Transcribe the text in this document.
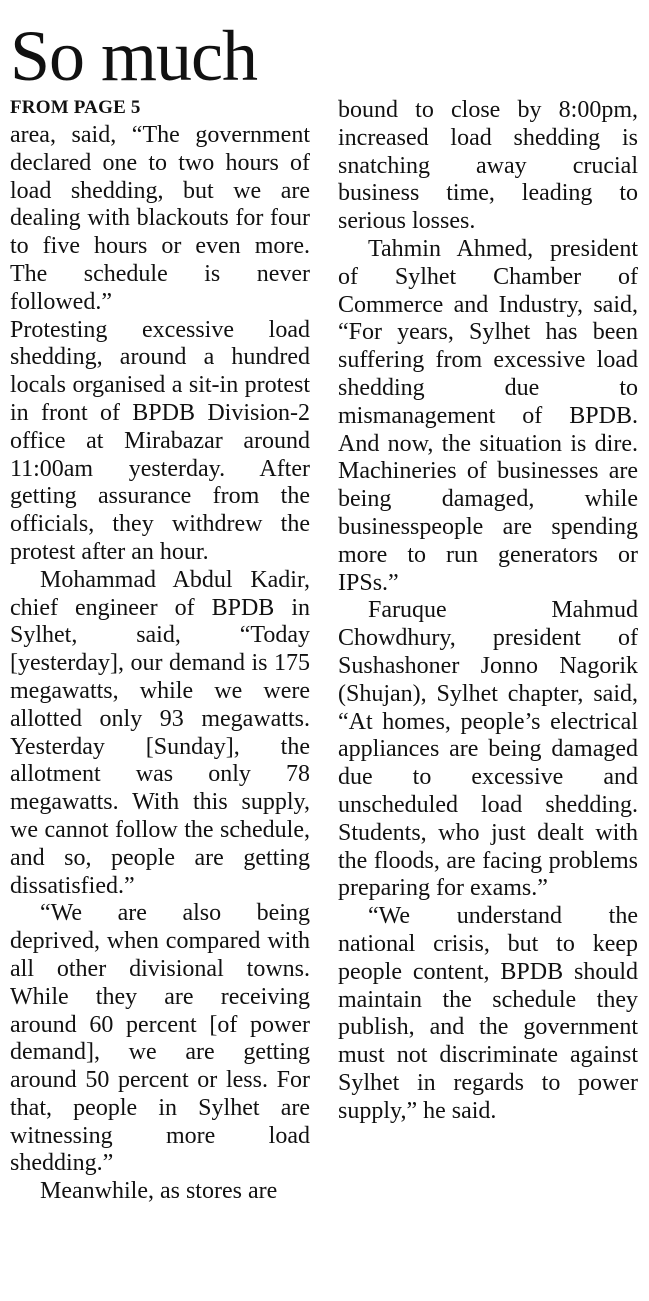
So much
FROM PAGE 5

area, said, “The government declared one to two hours of load shedding, but we are dealing with blackouts for four to five hours or even more. The schedule is never followed.”

Protesting excessive load shedding, around a hundred locals organised a sit-in protest in front of BPDB Division-2 office at Mirabazar around 11:00am yesterday. After getting assurance from the officials, they withdrew the protest after an hour.

Mohammad Abdul Kadir, chief engineer of BPDB in Sylhet, said, “Today [yesterday], our demand is 175 megawatts, while we were allotted only 93 megawatts. Yesterday [Sunday], the allotment was only 78 megawatts. With this supply, we cannot follow the schedule, and so, people are getting dissatisfied.”

“We are also being deprived, when compared with all other divisional towns. While they are receiving around 60 percent [of power demand], we are getting around 50 percent or less. For that, people in Sylhet are witnessing more load shedding.”

Meanwhile, as stores are

bound to close by 8:00pm, increased load shedding is snatching away crucial business time, leading to serious losses.

Tahmin Ahmed, president of Sylhet Chamber of Commerce and Industry, said, “For years, Sylhet has been suffering from excessive load shedding due to mismanagement of BPDB. And now, the situation is dire. Machineries of businesses are being damaged, while businesspeople are spending more to run generators or IPSs.”

Faruque Mahmud Chowdhury, president of Sushashoner Jonno Nagorik (Shujan), Sylhet chapter, said, “At homes, people’s electrical appliances are being damaged due to excessive and unscheduled load shedding. Students, who just dealt with the floods, are facing problems preparing for exams.”

“We understand the national crisis, but to keep people content, BPDB should maintain the schedule they publish, and the government must not discriminate against Sylhet in regards to power supply,” he said.
